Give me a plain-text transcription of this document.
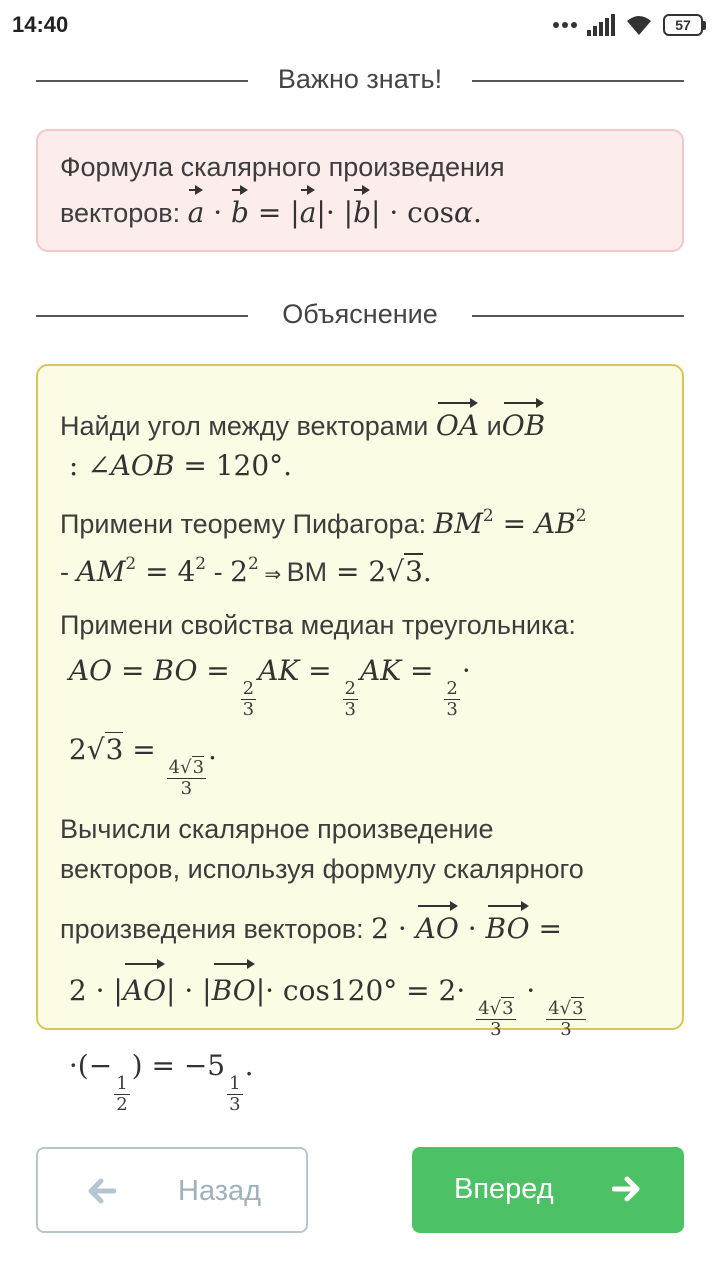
14:40	57
Важно знать!
Формула скалярного произведения
векторов: a · b = |a|· |b| · cosα.
Объяснение
Найди угол между векторами OA иOB
: ∠AOB = 120°.
Примени теорему Пифагора: $BM^2 = AB^2$
- $AM^2 = 4^2 - 2^2$ ⇒ ВМ = 2√3.
Примени свойства медиан треугольника:
AO = BO =
$\frac{2}{3}$
AK =
$\frac{2}{3}$
AK =
$\frac{2}{3}$
·
2√3 =
$\frac{4√3}{3}$
.
Вычисли скалярное произведение
векторов, используя формулу скалярного
произведения векторов: 2 · AO · BO =
2 · |AO| · |BO|· cos120° = 2·
$\frac{4√3}{3}$
·
$\frac{4√3}{3}$
·(−
$\frac{1}{2}$
) = −5
$\frac{1}{3}$
.
Назад	Вперед
